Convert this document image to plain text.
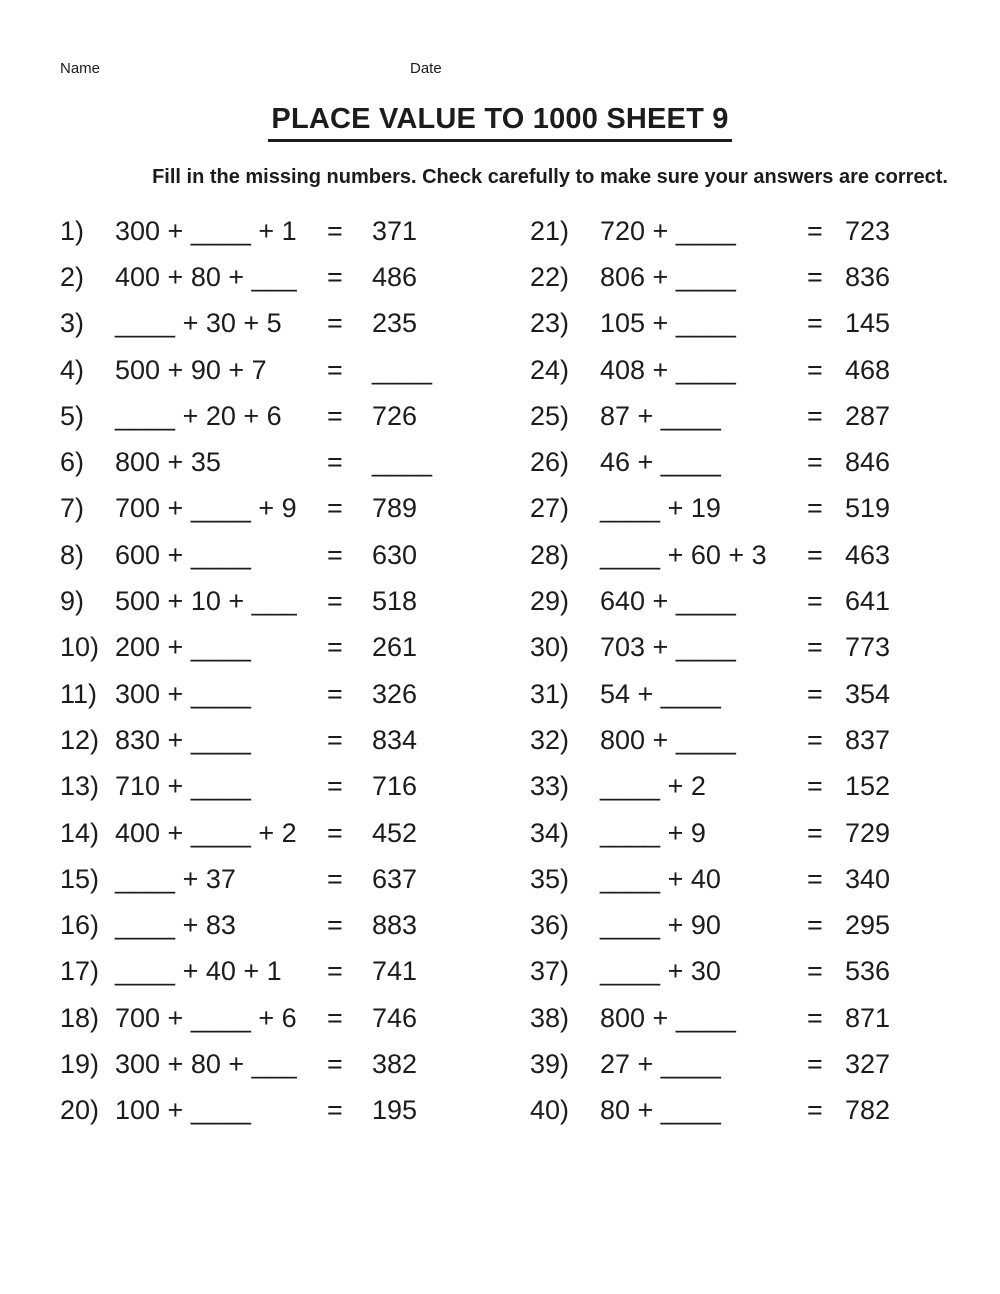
Name	Date
PLACE VALUE TO 1000 SHEET 9
Fill in the missing numbers. Check carefully to make sure your answers are correct.
1)	300 + ____ + 1	=	371
2)	400 + 80 + ___	=	486
3)	____ + 30 + 5	=	235
4)	500 + 90 + 7	=	____
5)	____ + 20 + 6	=	726
6)	800 + 35	=	____
7)	700 + ____ + 9	=	789
8)	600 + ____	=	630
9)	500 + 10 + ___	=	518
10) 200 + ____	=	261
11) 300 + ____	=	326
12) 830 + ____	=	834
13) 710 + ____	=	716
14) 400 + ____ + 2	=	452
15) ____ + 37	=	637
16) ____ + 83	=	883
17) ____ + 40 + 1	=	741
18) 700 + ____ + 6	=	746
19) 300 + 80 + ___	=	382
20) 100 + ____	=	195
21)	720 + ____	= 723
22)	806 + ____	= 836
23)	105 + ____	= 145
24)	408 + ____	= 468
25)	87 + ____	= 287
26)	46 + ____	= 846
27)	____ + 19	= 519
28)	____ + 60 + 3	= 463
29)	640 + ____	= 641
30)	703 + ____	= 773
31)	54 + ____	= 354
32)	800 + ____	= 837
33)	____ + 2	= 152
34)	____ + 9	= 729
35)	____ + 40	= 340
36)	____ + 90	= 295
37)	____ + 30	= 536
38)	800 + ____	= 871
39)	27 + ____	= 327
40)	80 + ____	= 782
